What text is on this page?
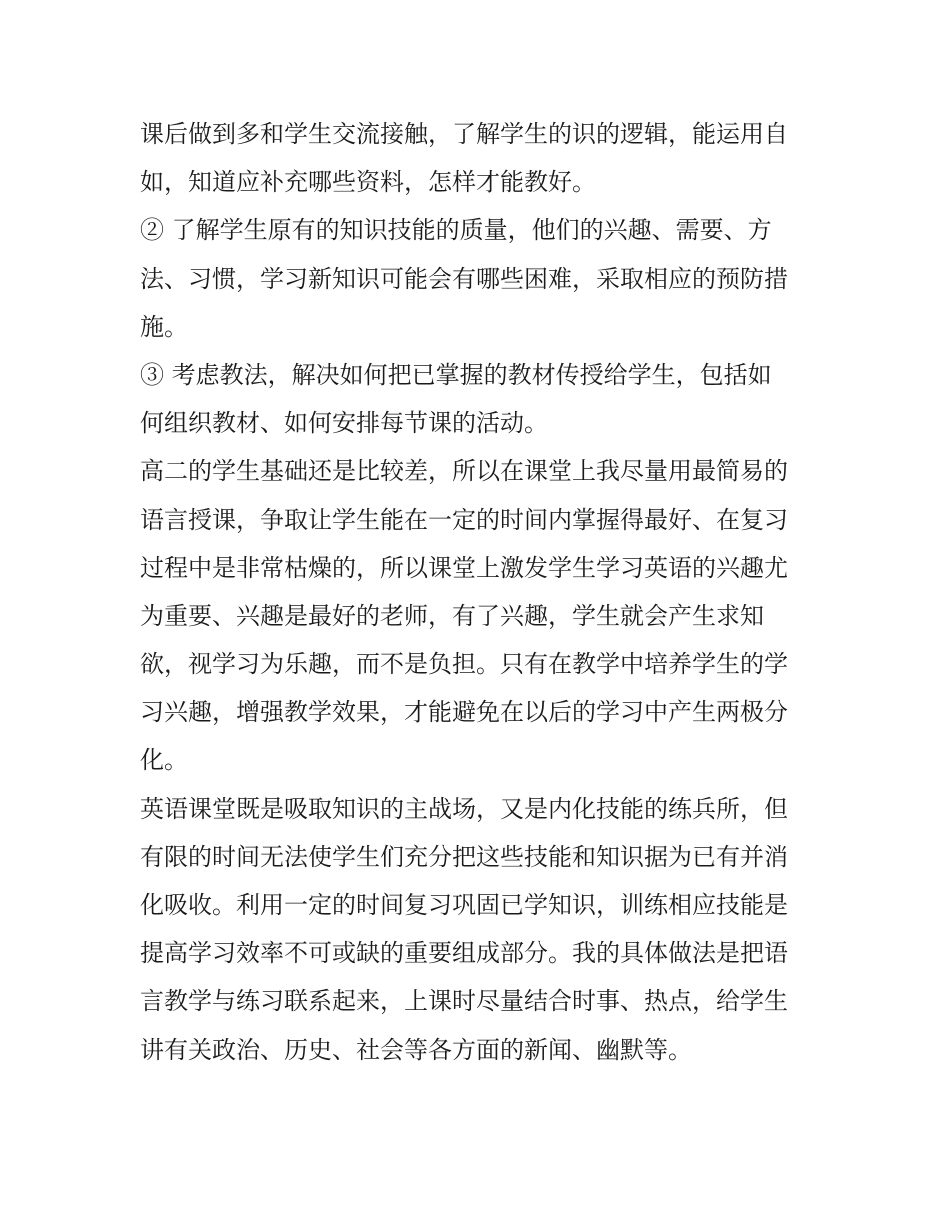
课后做到多和学生交流接触，了解学生的识的逻辑，能运用自
如，知道应补充哪些资料，怎样才能教好。
② 了解学生原有的知识技能的质量，他们的兴趣、需要、方
法、习惯，学习新知识可能会有哪些困难，采取相应的预防措
施。
③ 考虑教法，解决如何把已掌握的教材传授给学生，包括如
何组织教材、如何安排每节课的活动。
高二的学生基础还是比较差，所以在课堂上我尽量用最简易的
语言授课，争取让学生能在一定的时间内掌握得最好、在复习
过程中是非常枯燥的，所以课堂上激发学生学习英语的兴趣尤
为重要、兴趣是最好的老师，有了兴趣，学生就会产生求知
欲，视学习为乐趣，而不是负担。只有在教学中培养学生的学
习兴趣，增强教学效果，才能避免在以后的学习中产生两极分
化。
英语课堂既是吸取知识的主战场，又是内化技能的练兵所，但
有限的时间无法使学生们充分把这些技能和知识据为已有并消
化吸收。利用一定的时间复习巩固已学知识，训练相应技能是
提高学习效率不可或缺的重要组成部分。我的具体做法是把语
言教学与练习联系起来，上课时尽量结合时事、热点，给学生
讲有关政治、历史、社会等各方面的新闻、幽默等。
